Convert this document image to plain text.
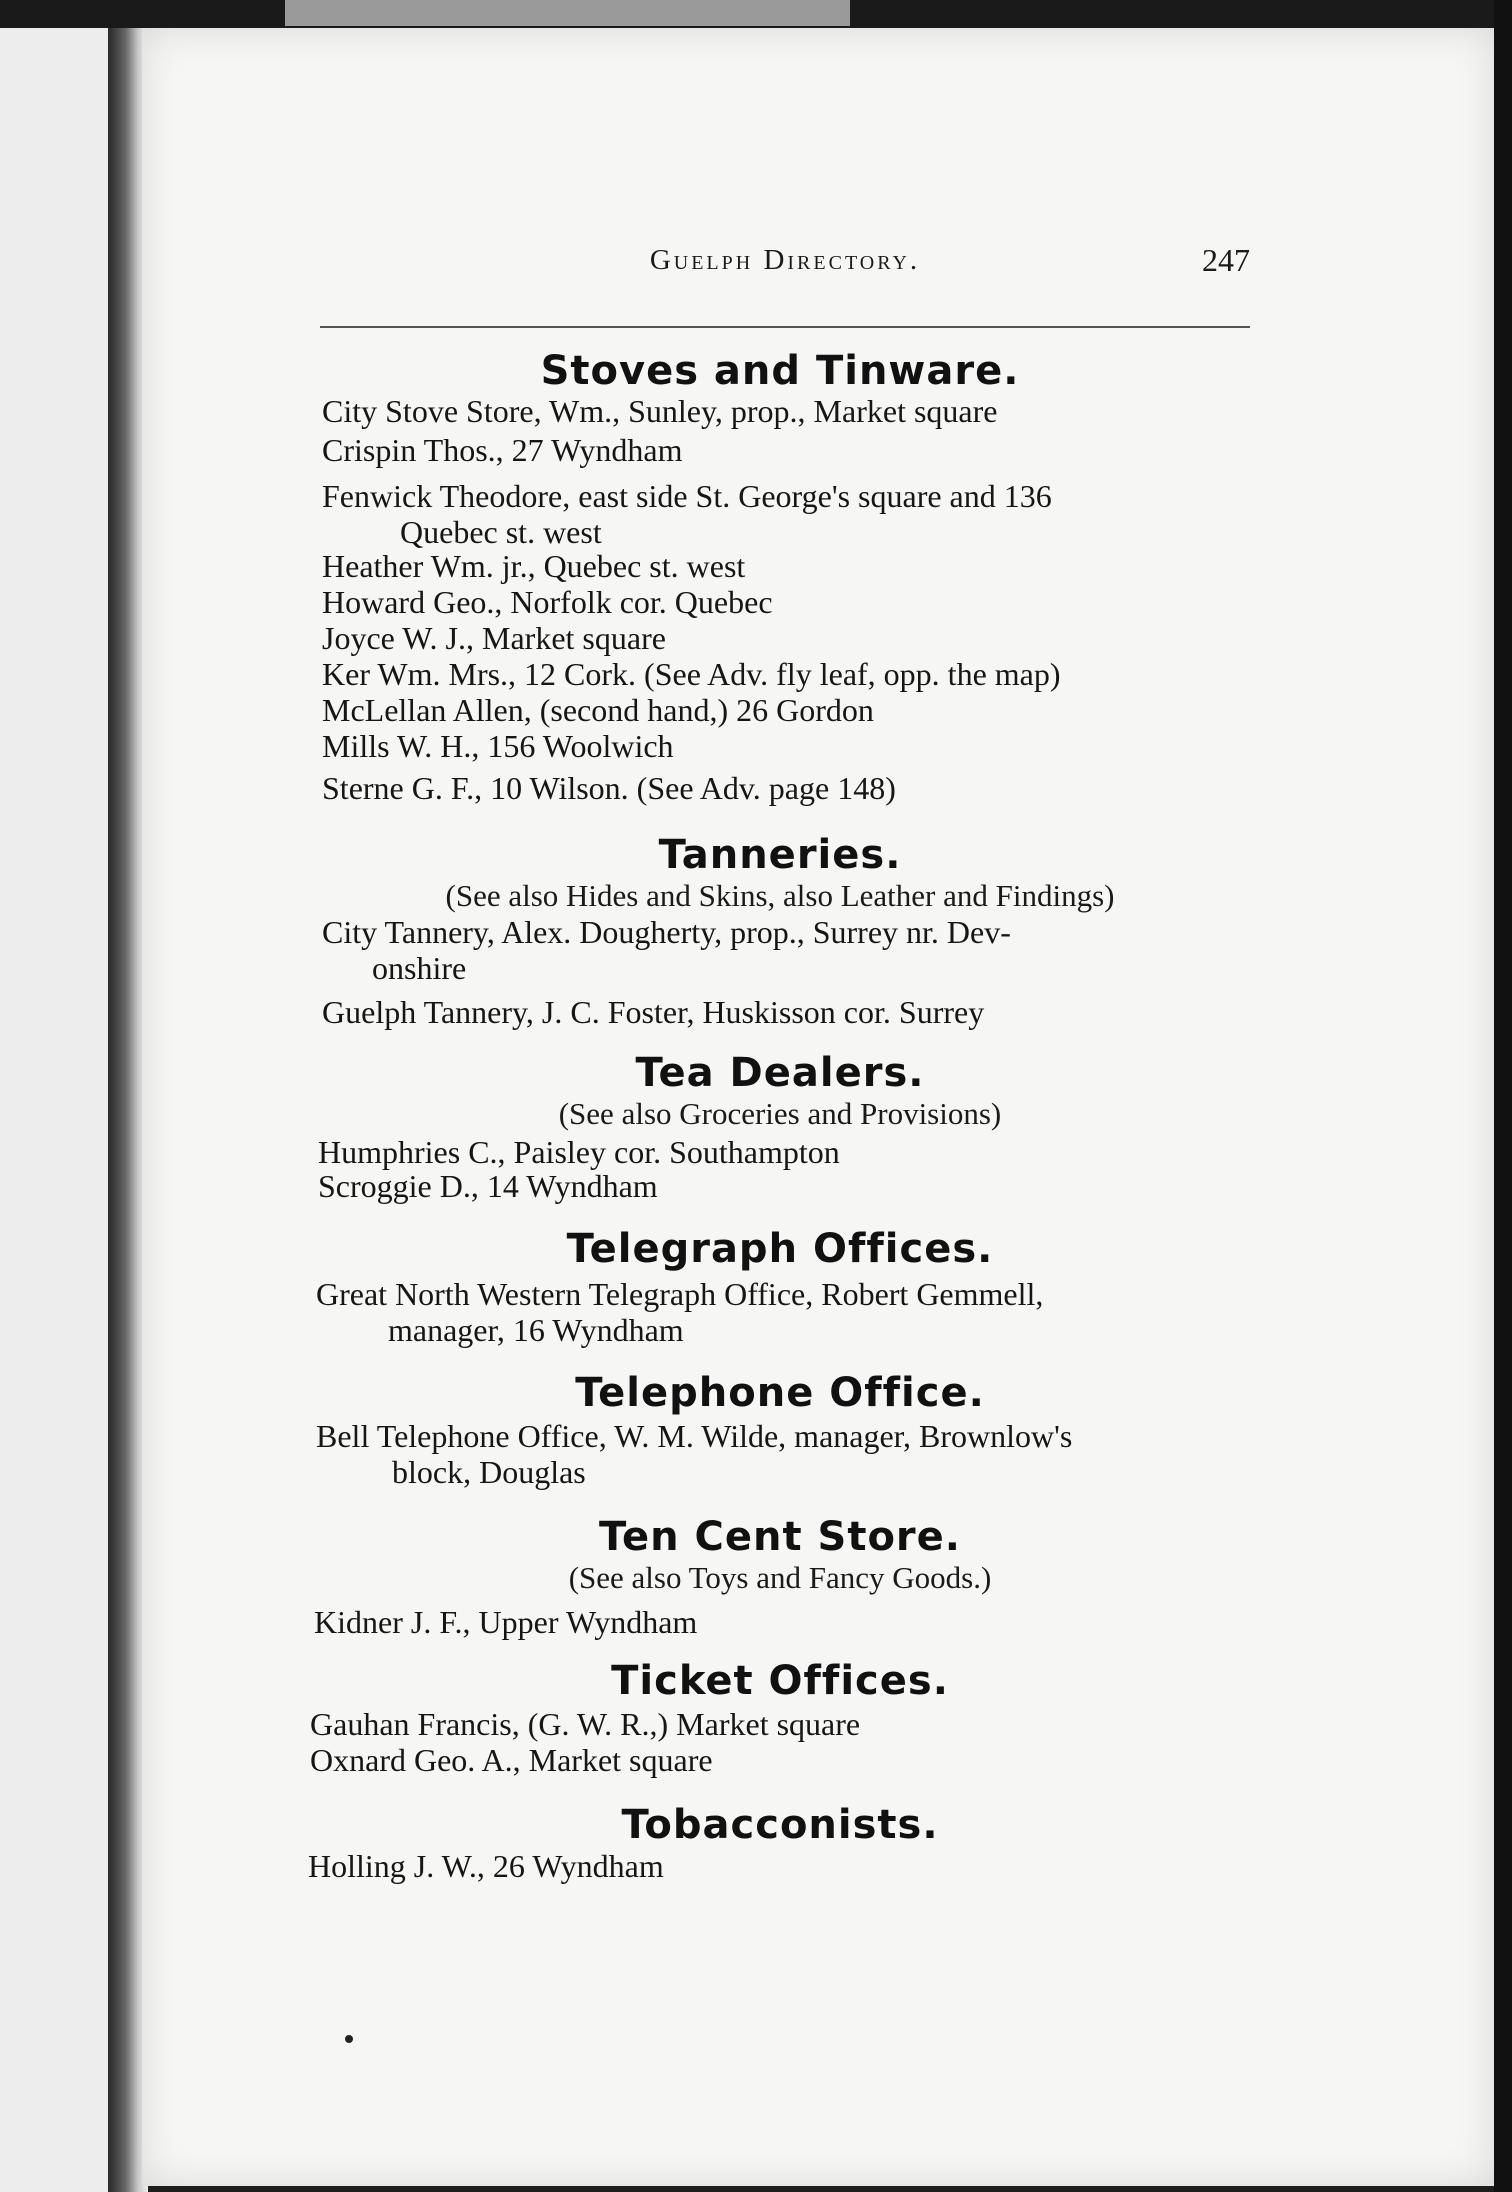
Guelph Directory.	247
Stoves and Tinware.
City Stove Store, Wm., Sunley, prop., Market square
Crispin Thos., 27 Wyndham
Fenwick Theodore, east side St. George's square and 136
Quebec st. west
Heather Wm. jr., Quebec st. west
Howard Geo., Norfolk cor. Quebec
Joyce W. J., Market square
Ker Wm. Mrs., 12 Cork. (See Adv. fly leaf, opp. the map)
McLellan Allen, (second hand,) 26 Gordon
Mills W. H., 156 Woolwich
Sterne G. F., 10 Wilson. (See Adv. page 148)
Tanneries.
(See also Hides and Skins, also Leather and Findings)
City Tannery, Alex. Dougherty, prop., Surrey nr. Dev-
onshire
Guelph Tannery, J. C. Foster, Huskisson cor. Surrey
Tea Dealers.
(See also Groceries and Provisions)
Humphries C., Paisley cor. Southampton
Scroggie D., 14 Wyndham
Telegraph Offices.
Great North Western Telegraph Office, Robert Gemmell,
manager, 16 Wyndham
Telephone Office.
Bell Telephone Office, W. M. Wilde, manager, Brownlow's
block, Douglas
Ten Cent Store.
(See also Toys and Fancy Goods.)
Kidner J. F., Upper Wyndham
Ticket Offices.
Gauhan Francis, (G. W. R.,) Market square
Oxnard Geo. A., Market square
Tobacconists.
Holling J. W., 26 Wyndham
